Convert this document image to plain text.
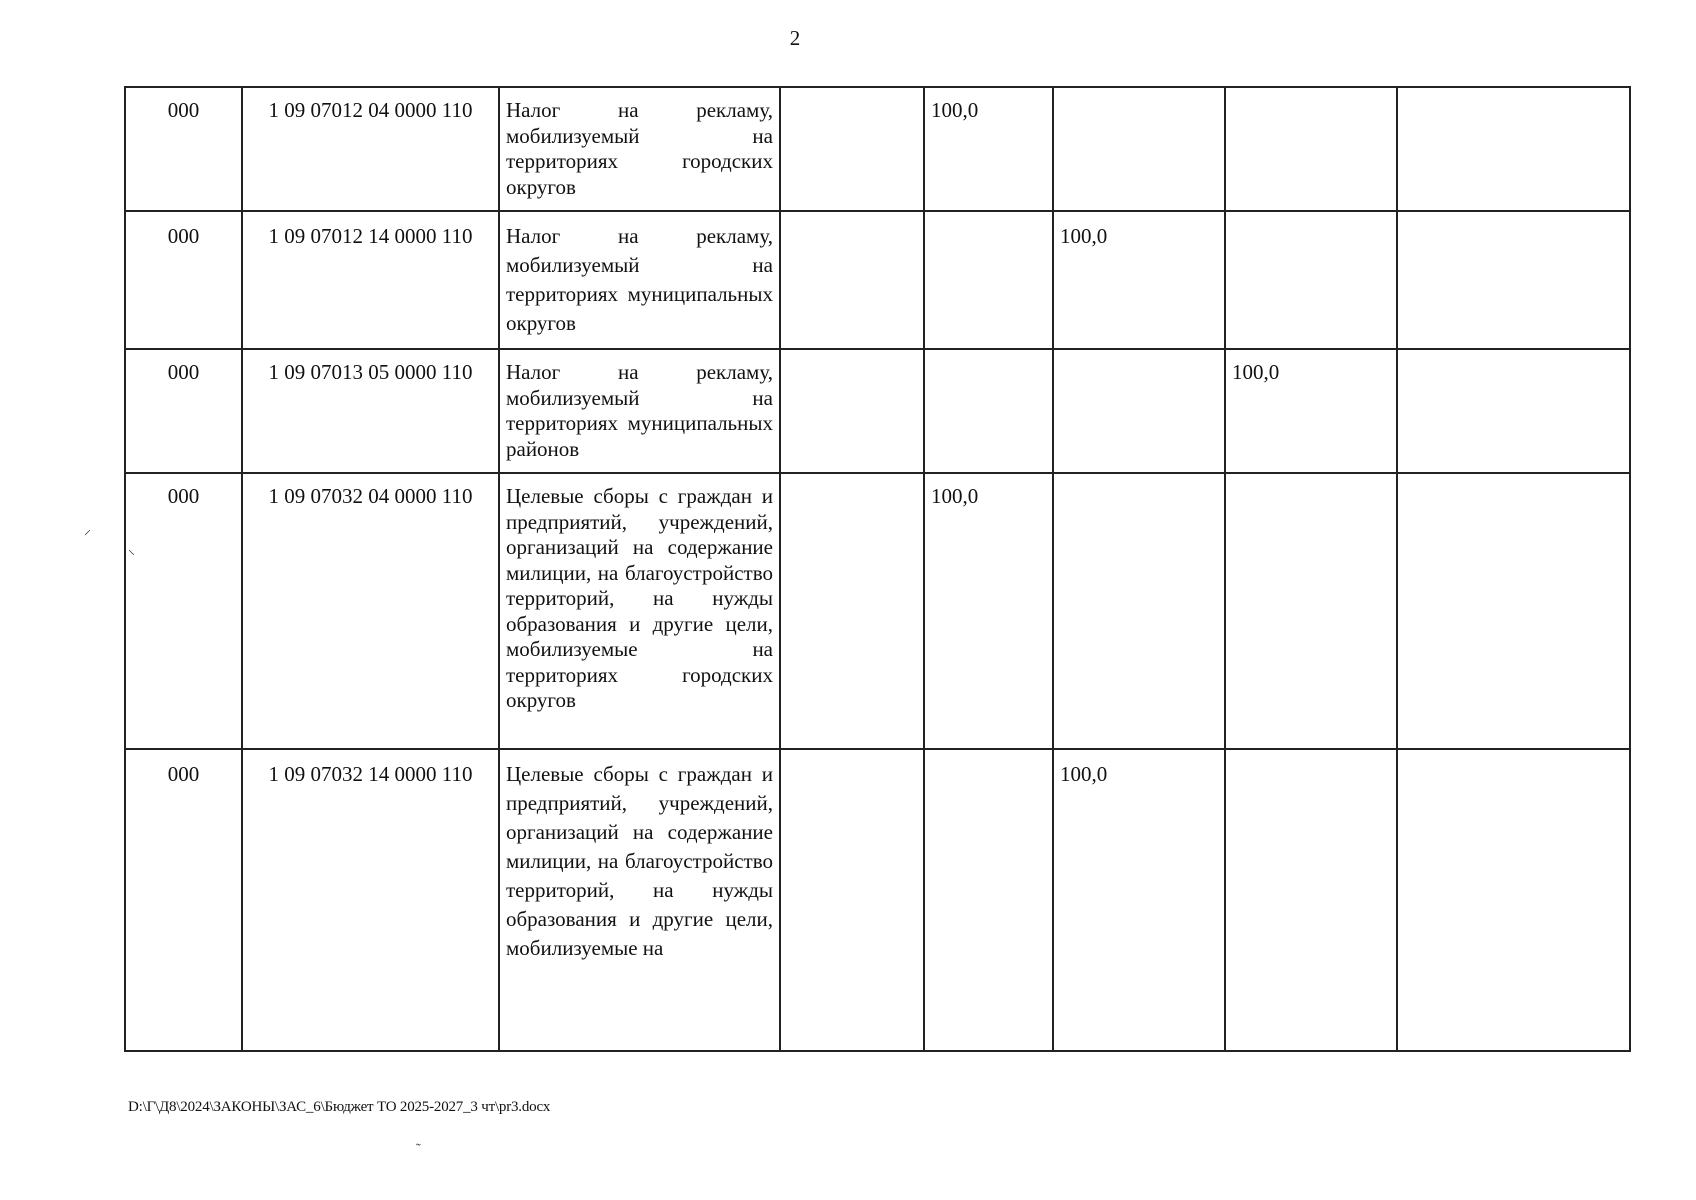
2
000	1 09 07012 04 0000 110	Налог на рекламу, мобилизуемый на территориях городских округов		100,0			
000	1 09 07012 14 0000 110	Налог на рекламу, мобилизуемый на территориях муниципальных округов			100,0		
000	1 09 07013 05 0000 110	Налог на рекламу, мобилизуемый на территориях муниципальных районов				100,0	
000	1 09 07032 04 0000 110	Целевые сборы с граждан и предприятий, учреждений, организаций на содержание милиции, на благоустройство территорий, на нужды образования и другие цели, мобилизуемые на территориях городских округов		100,0			
000	1 09 07032 14 0000 110	Целевые сборы с граждан и предприятий, учреждений, организаций на содержание милиции, на благоустройство территорий, на нужды образования и другие цели, мобилизуемые на			100,0		
⸝
⸜
˜
D:\Г\Д8\2024\ЗАКОНЫ\ЗАС_6\Бюджет ТО 2025-2027_3 чт\pr3.docx
